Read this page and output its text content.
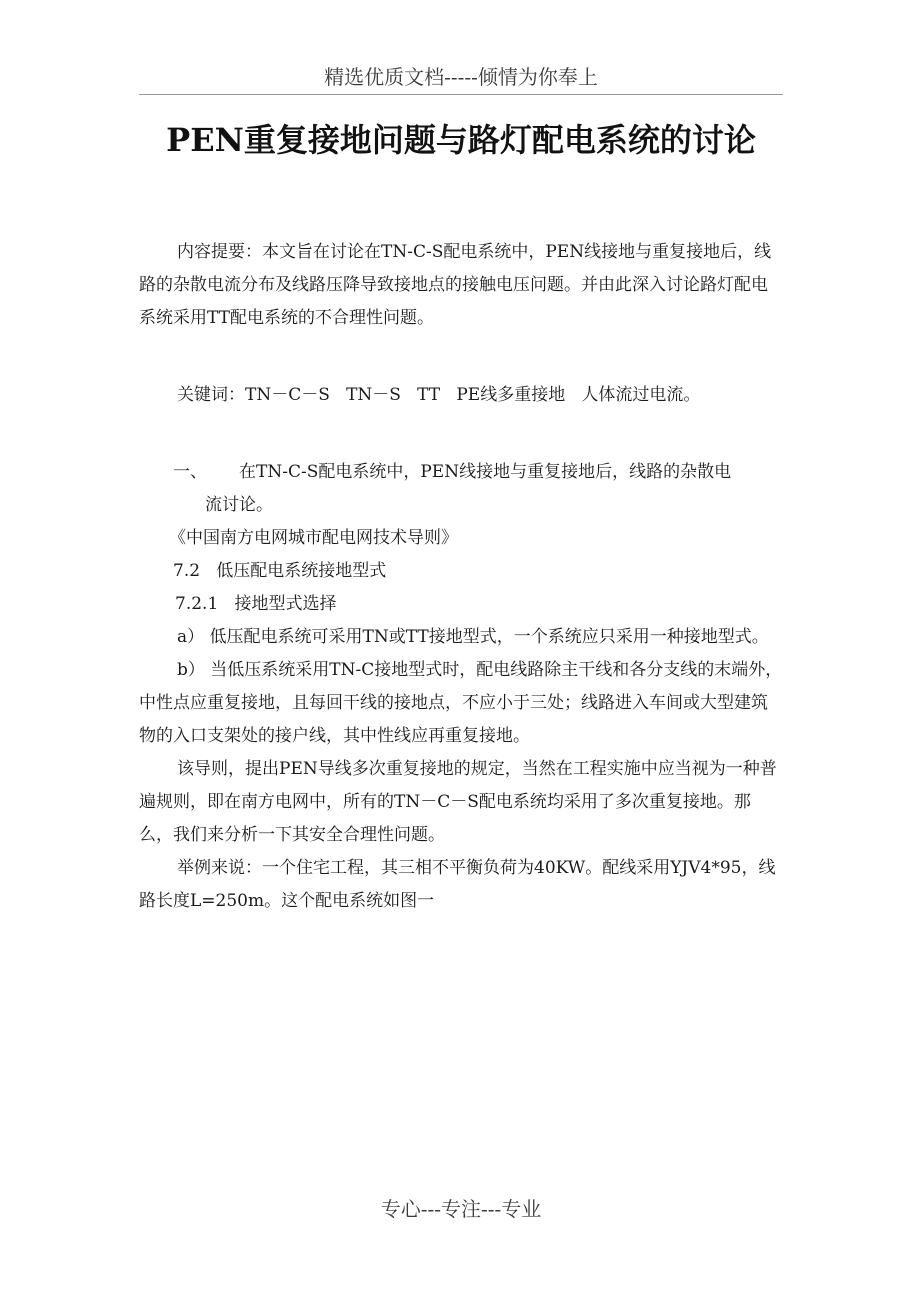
精选优质文档-----倾情为你奉上
PEN重复接地问题与路灯配电系统的讨论

内容提要：本文旨在讨论在TN-C-S配电系统中，PEN线接地与重复接地后，线路的杂散电流分布及线路压降导致接地点的接触电压问题。并由此深入讨论路灯配电系统采用TT配电系统的不合理性问题。

关键词：TN－C－S   TN－S   TT   PE线多重接地   人体流过电流。

一、	在TN-C-S配电系统中，PEN线接地与重复接地后，线路的杂散电

流讨论。

《中国南方电网城市配电网技术导则》

7.2   低压配电系统接地型式

7.2.1   接地型式选择

a） 低压配电系统可采用TN或TT接地型式，一个系统应只采用一种接地型式。

b） 当低压系统采用TN-C接地型式时，配电线路除主干线和各分支线的末端外，中性点应重复接地，且每回干线的接地点，不应小于三处；线路进入车间或大型建筑物的入口支架处的接户线，其中性线应再重复接地。

该导则，提出PEN导线多次重复接地的规定，当然在工程实施中应当视为一种普遍规则，即在南方电网中，所有的TN－C－S配电系统均采用了多次重复接地。那么，我们来分析一下其安全合理性问题。

举例来说：一个住宅工程，其三相不平衡负荷为40KW。配线采用YJV4*95，线路长度L=250m。这个配电系统如图一

专心---专注---专业
